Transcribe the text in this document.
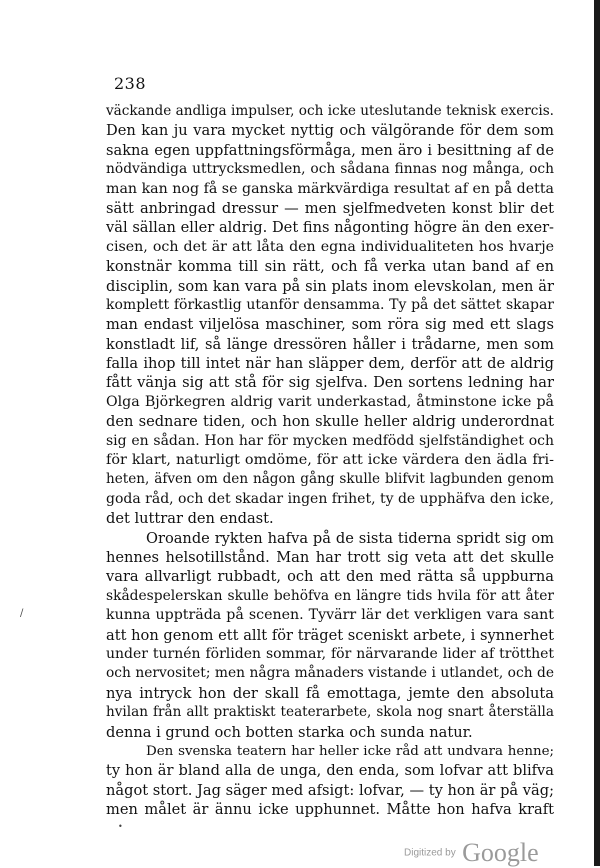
238
väckande andliga impulser, och icke uteslutande teknisk exercis.
Den kan ju vara mycket nyttig och välgörande för dem som
sakna egen uppfattningsförmåga, men äro i besittning af de
nödvändiga uttrycksmedlen, och sådana finnas nog många, och
man kan nog få se ganska märkvärdiga resultat af en på detta
sätt anbringad dressur — men sjelfmedveten konst blir det
väl sällan eller aldrig. Det fins någonting högre än den exer-
cisen, och det är att låta den egna individualiteten hos hvarje
konstnär komma till sin rätt, och få verka utan band af en
disciplin, som kan vara på sin plats inom elevskolan, men är
komplett förkastlig utanför densamma. Ty på det sättet skapar
man endast viljelösa maschiner, som röra sig med ett slags
konstladt lif, så länge dressören håller i trådarne, men som
falla ihop till intet när han släpper dem, derför att de aldrig
fått vänja sig att stå för sig sjelfva. Den sortens ledning har
Olga Björkegren aldrig varit underkastad, åtminstone icke på
den sednare tiden, och hon skulle heller aldrig underordnat
sig en sådan. Hon har för mycken medfödd sjelfständighet och
för klart, naturligt omdöme, för att icke värdera den ädla fri-
heten, äfven om den någon gång skulle blifvit lagbunden genom
goda råd, och det skadar ingen frihet, ty de upphäfva den icke,
det luttrar den endast.
Oroande rykten hafva på de sista tiderna spridt sig om
hennes helsotillstånd. Man har trott sig veta att det skulle
vara allvarligt rubbadt, och att den med rätta så uppburna
skådespelerskan skulle behöfva en längre tids hvila för att åter
kunna uppträda på scenen. Tyvärr lär det verkligen vara sant
att hon genom ett allt för träget sceniskt arbete, i synnerhet
under turnén förliden sommar, för närvarande lider af trötthet
och nervositet; men några månaders vistande i utlandet, och de
nya intryck hon der skall få emottaga, jemte den absoluta
hvilan från allt praktiskt teaterarbete, skola nog snart återställa
denna i grund och botten starka och sunda natur.
Den svenska teatern har heller icke råd att undvara henne;
ty hon är bland alla de unga, den enda, som lofvar att blifva
något stort. Jag säger med afsigt: lofvar, — ty hon är på väg;
men målet är ännu icke upphunnet. Måtte hon hafva kraft
/
•
Digitized by Google
